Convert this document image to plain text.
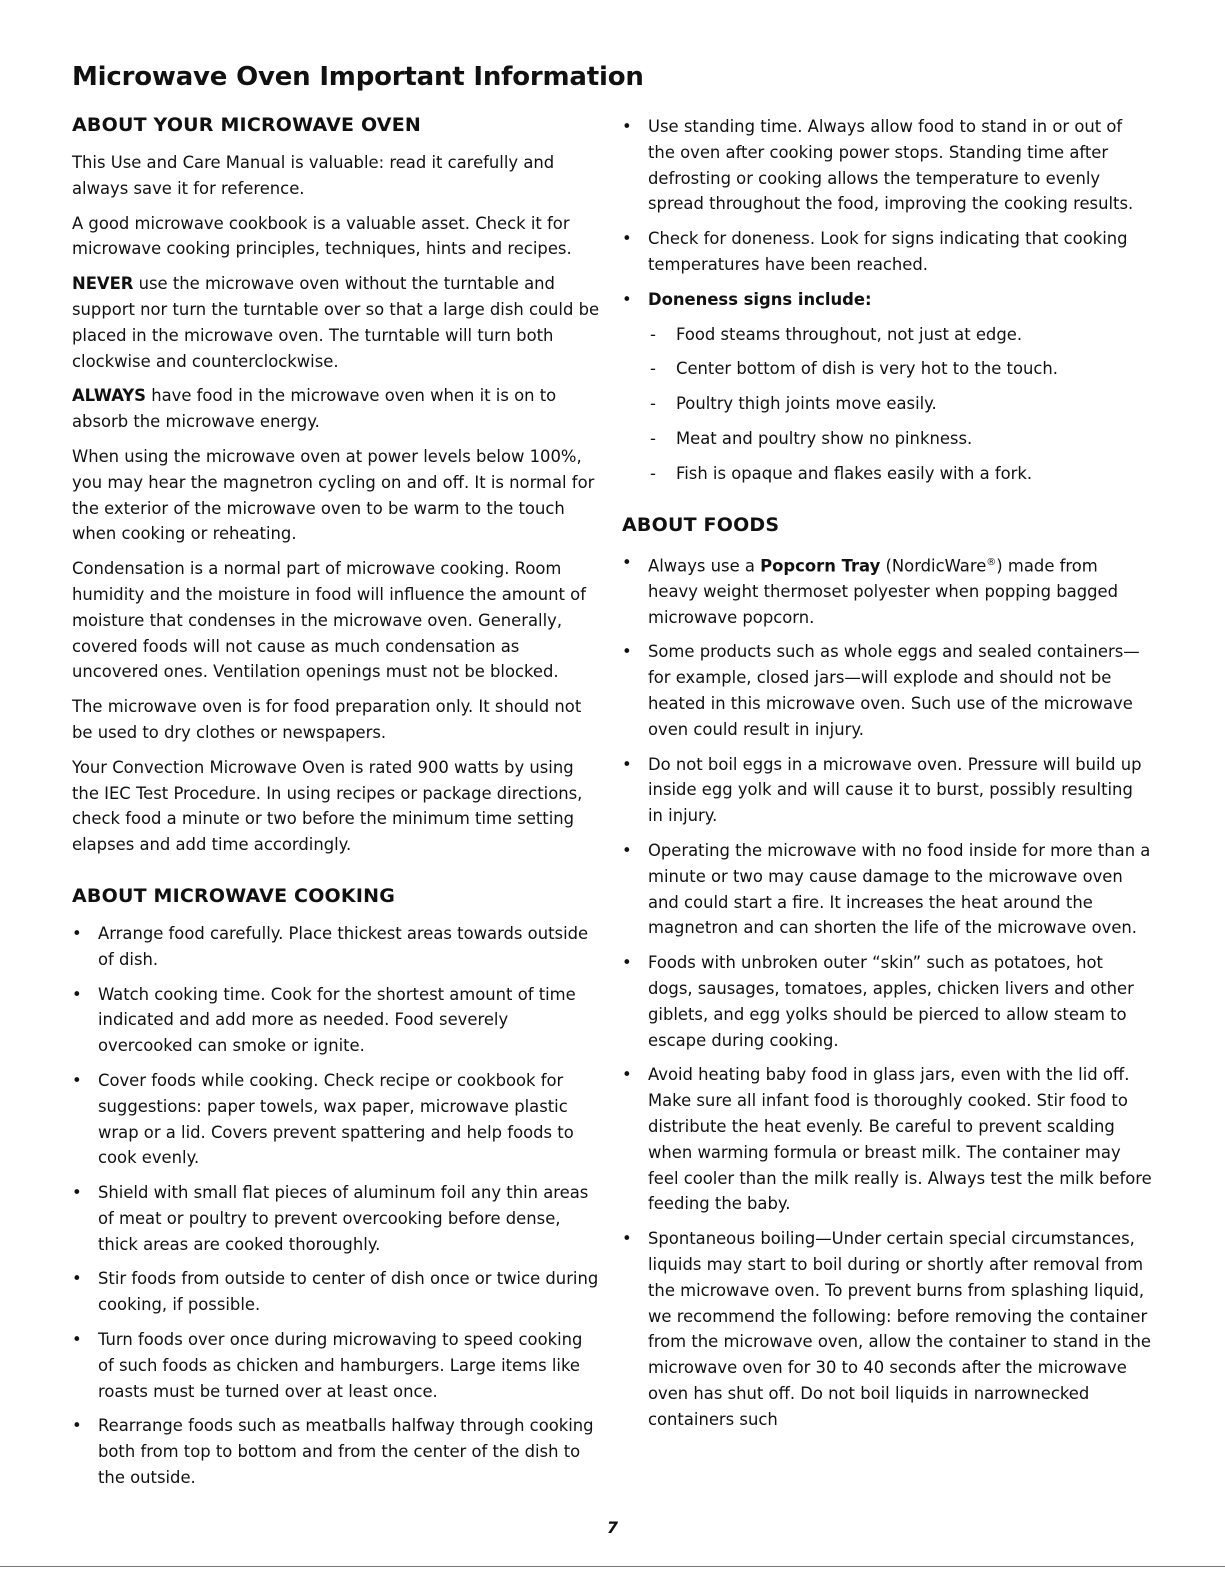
Microwave Oven Important Information
ABOUT YOUR MICROWAVE OVEN

This Use and Care Manual is valuable: read it carefully and always save it for reference.

A good microwave cookbook is a valuable asset. Check it for microwave cooking principles, techniques, hints and recipes.

NEVER use the microwave oven without the turntable and support nor turn the turntable over so that a large dish could be placed in the microwave oven. The turntable will turn both clockwise and counterclockwise.

ALWAYS have food in the microwave oven when it is on to absorb the microwave energy.

When using the microwave oven at power levels below 100%, you may hear the magnetron cycling on and off. It is normal for the exterior of the microwave oven to be warm to the touch when cooking or reheating.

Condensation is a normal part of microwave cooking. Room humidity and the moisture in food will influence the amount of moisture that condenses in the microwave oven. Generally, covered foods will not cause as much condensation as uncovered ones. Ventilation openings must not be blocked.

The microwave oven is for food preparation only. It should not be used to dry clothes or newspapers.

Your Convection Microwave Oven is rated 900 watts by using the IEC Test Procedure. In using recipes or package directions, check food a minute or two before the minimum time setting elapses and add time accordingly.

ABOUT MICROWAVE COOKING
• Arrange food carefully. Place thickest areas towards outside of dish.
• Watch cooking time. Cook for the shortest amount of time indicated and add more as needed. Food severely overcooked can smoke or ignite.
• Cover foods while cooking. Check recipe or cookbook for suggestions: paper towels, wax paper, microwave plastic wrap or a lid. Covers prevent spattering and help foods to cook evenly.
• Shield with small flat pieces of aluminum foil any thin areas of meat or poultry to prevent overcooking before dense, thick areas are cooked thoroughly.
• Stir foods from outside to center of dish once or twice during cooking, if possible.
• Turn foods over once during microwaving to speed cooking of such foods as chicken and hamburgers. Large items like roasts must be turned over at least once.
• Rearrange foods such as meatballs halfway through cooking both from top to bottom and from the center of the dish to the outside.
• Use standing time. Always allow food to stand in or out of the oven after cooking power stops. Standing time after defrosting or cooking allows the temperature to evenly spread throughout the food, improving the cooking results.
• Check for doneness. Look for signs indicating that cooking temperatures have been reached.
• Doneness signs include:
- Food steams throughout, not just at edge.
- Center bottom of dish is very hot to the touch.
- Poultry thigh joints move easily.
- Meat and poultry show no pinkness.
- Fish is opaque and flakes easily with a fork.
ABOUT FOODS
• Always use a Popcorn Tray (NordicWare®) made from heavy weight thermoset polyester when popping bagged microwave popcorn.
• Some products such as whole eggs and sealed containers—for example, closed jars—will explode and should not be heated in this microwave oven. Such use of the microwave oven could result in injury.
• Do not boil eggs in a microwave oven. Pressure will build up inside egg yolk and will cause it to burst, possibly resulting in injury.
• Operating the microwave with no food inside for more than a minute or two may cause damage to the microwave oven and could start a fire. It increases the heat around the magnetron and can shorten the life of the microwave oven.
• Foods with unbroken outer “skin” such as potatoes, hot dogs, sausages, tomatoes, apples, chicken livers and other giblets, and egg yolks should be pierced to allow steam to escape during cooking.
• Avoid heating baby food in glass jars, even with the lid off. Make sure all infant food is thoroughly cooked. Stir food to distribute the heat evenly. Be careful to prevent scalding when warming formula or breast milk. The container may feel cooler than the milk really is. Always test the milk before feeding the baby.
• Spontaneous boiling—Under certain special circumstances, liquids may start to boil during or shortly after removal from the microwave oven. To prevent burns from splashing liquid, we recommend the following: before removing the container from the microwave oven, allow the container to stand in the microwave oven for 30 to 40 seconds after the microwave oven has shut off. Do not boil liquids in narrownecked containers such
7
